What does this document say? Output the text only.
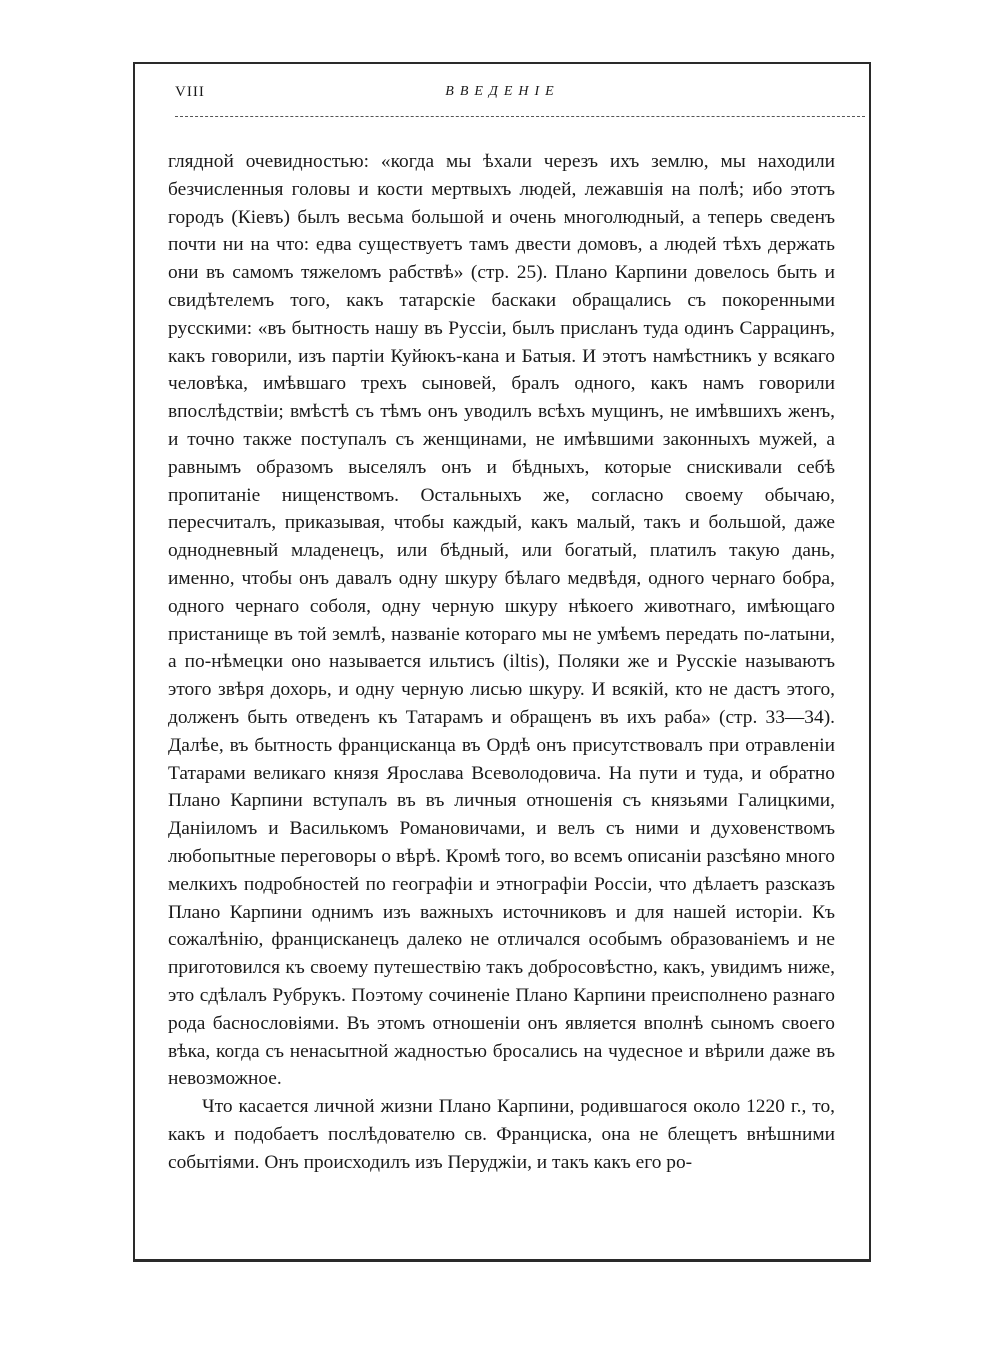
VIII	ВВЕДЕНІЕ

глядной очевидностью: «когда мы ѣхали черезъ ихъ землю, мы находили безчисленныя головы и кости мертвыхъ людей, лежавшія на полѣ; ибо этотъ городъ (Кіевъ) былъ весьма большой и очень многолюдный, а теперь сведенъ почти ни на что: едва существуетъ тамъ двести домовъ, а людей тѣхъ держать они въ самомъ тяжеломъ рабствѣ» (стр. 25). Плано Карпини довелось быть и свидѣтелемъ того, какъ татарскіе баскаки обращались съ покоренными русскими: «въ бытность нашу въ Руссіи, былъ присланъ туда одинъ Саррацинъ, какъ говорили, изъ партіи Куйюкъ-кана и Батыя. И этотъ намѣстникъ у всякаго человѣка, имѣвшаго трехъ сыновей, бралъ одного, какъ намъ говорили впослѣдствіи; вмѣстѣ съ тѣмъ онъ уводилъ всѣхъ мущинъ, не имѣвшихъ женъ, и точно также поступалъ съ женщинами, не имѣвшими законныхъ мужей, а равнымъ образомъ выселялъ онъ и бѣдныхъ, которые снискивали себѣ пропитаніе нищенствомъ. Остальныхъ же, согласно своему обычаю, пересчиталъ, приказывая, чтобы каждый, какъ малый, такъ и большой, даже однодневный младенецъ, или бѣдный, или богатый, платилъ такую дань, именно, чтобы онъ давалъ одну шкуру бѣлаго медвѣдя, одного чернаго бобра, одного чернаго соболя, одну черную шкуру нѣкоего животнаго, имѣющаго пристанище въ той землѣ, названіе котораго мы не умѣемъ передать по-латыни, а по-нѣмецки оно называется ильтисъ (iltis), Поляки же и Русскіе называютъ этого звѣря дохорь, и одну черную лисью шкуру. И всякій, кто не дастъ этого, долженъ быть отведенъ къ Татарамъ и обращенъ въ ихъ раба» (стр. 33—34). Далѣе, въ бытность францисканца въ Ордѣ онъ присутствовалъ при отравленіи Татарами великаго князя Ярослава Всеволодовича. На пути и туда, и обратно Плано Карпини вступалъ въ въ личныя отношенія съ князьями Галицкими, Даніиломъ и Василькомъ Романовичами, и велъ съ ними и духовенствомъ любопытные переговоры о вѣрѣ. Кромѣ того, во всемъ описаніи разсѣяно много мелкихъ подробностей по географіи и этнографіи Россіи, что дѣлаетъ разсказъ Плано Карпини однимъ изъ важныхъ источниковъ и для нашей исторіи. Къ сожалѣнію, францисканецъ далеко не отличался особымъ образованіемъ и не приготовился къ своему путешествію такъ добросовѣстно, какъ, увидимъ ниже, это сдѣлалъ Рубрукъ. Поэтому сочиненіе Плано Карпини преисполнено разнаго рода баснословіями. Въ этомъ отношеніи онъ является вполнѣ сыномъ своего вѣка, когда съ ненасытной жадностью бросались на чудесное и вѣрили даже въ невозможное.

Что касается личной жизни Плано Карпини, родившагося около 1220 г., то, какъ и подобаетъ послѣдователю св. Франциска, она не блещетъ внѣшними событіями. Онъ происходилъ изъ Перуджіи, и такъ какъ его ро-
